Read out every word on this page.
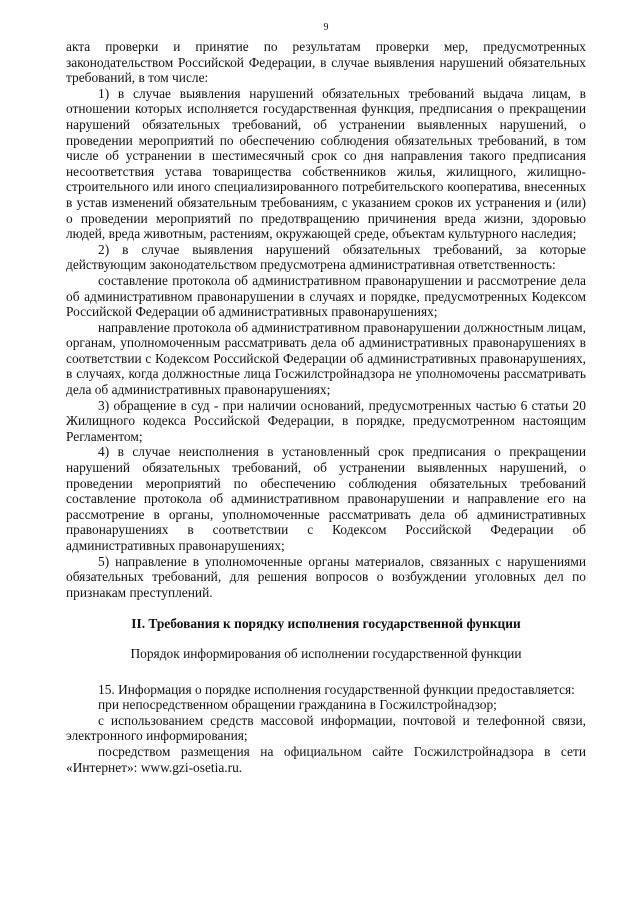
9

акта проверки и принятие по результатам проверки мер, предусмотренных законодательством Российской Федерации, в случае выявления нарушений обязательных требований, в том числе:

1) в случае выявления нарушений обязательных требований выдача лицам, в отношении которых исполняется государственная функция, предписания о прекращении нарушений обязательных требований, об устранении выявленных нарушений, о проведении мероприятий по обеспечению соблюдения обязательных требований, в том числе об устранении в шестимесячный срок со дня направления такого предписания несоответствия устава товарищества собственников жилья, жилищного, жилищно-строительного или иного специализированного потребительского кооператива, внесенных в устав изменений обязательным требованиям, с указанием сроков их устранения и (или) о проведении мероприятий по предотвращению причинения вреда жизни, здоровью людей, вреда животным, растениям, окружающей среде, объектам культурного наследия;

2) в случае выявления нарушений обязательных требований, за которые действующим законодательством предусмотрена административная ответственность:

составление протокола об административном правонарушении и рассмотрение дела об административном правонарушении в случаях и порядке, предусмотренных Кодексом Российской Федерации об административных правонарушениях;

направление протокола об административном правонарушении должностным лицам, органам, уполномоченным рассматривать дела об административных правонарушениях в соответствии с Кодексом Российской Федерации об административных правонарушениях, в случаях, когда должностные лица Госжилстройнадзора не уполномочены рассматривать дела об административных правонарушениях;

3) обращение в суд - при наличии оснований, предусмотренных частью 6 статьи 20 Жилищного кодекса Российской Федерации, в порядке, предусмотренном настоящим Регламентом;

4) в случае неисполнения в установленный срок предписания о прекращении нарушений обязательных требований, об устранении выявленных нарушений, о проведении мероприятий по обеспечению соблюдения обязательных требований составление протокола об административном правонарушении и направление его на рассмотрение в органы, уполномоченные рассматривать дела об административных правонарушениях в соответствии с Кодексом Российской Федерации об административных правонарушениях;

5) направление в уполномоченные органы материалов, связанных с нарушениями обязательных требований, для решения вопросов о возбуждении уголовных дел по признакам преступлений.

II. Требования к порядку исполнения государственной функции

Порядок информирования об исполнении государственной функции

15. Информация о порядке исполнения государственной функции предоставляется:

при непосредственном обращении гражданина в Госжилстройнадзор;

с использованием средств массовой информации, почтовой и телефонной связи, электронного информирования;

посредством размещения на официальном сайте Госжилстройнадзора в сети «Интернет»: www.gzi-osetia.ru.
